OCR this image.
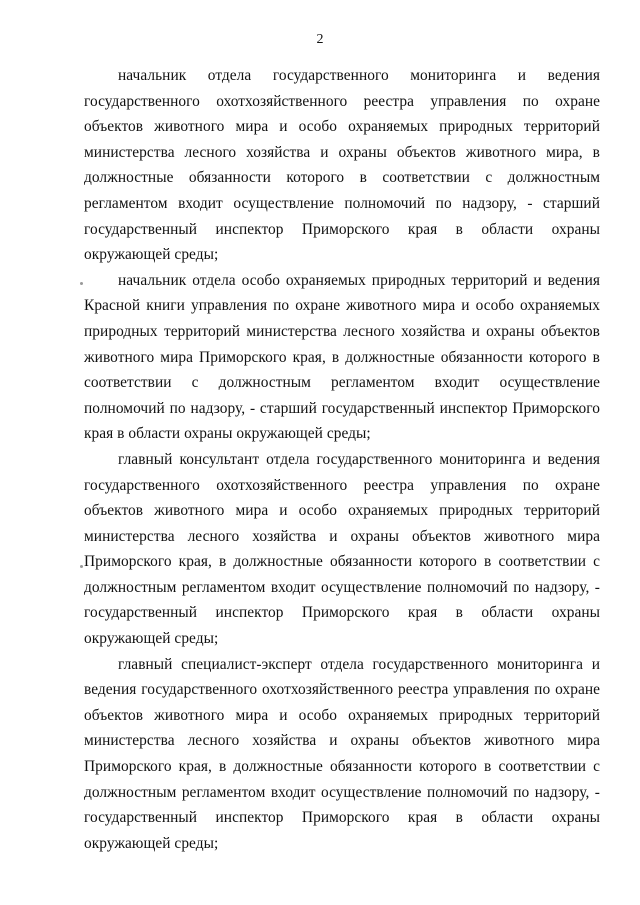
2

начальник отдела государственного мониторинга и ведения государственного охотхозяйственного реестра управления по охране объектов животного мира и особо охраняемых природных территорий министерства лесного хозяйства и охраны объектов животного мира, в должностные обязанности которого в соответствии с должностным регламентом входит осуществление полномочий по надзору, - старший государственный инспектор Приморского края в области охраны окружающей среды;

начальник отдела особо охраняемых природных территорий и ведения Красной книги управления по охране животного мира и особо охраняемых природных территорий министерства лесного хозяйства и охраны объектов животного мира Приморского края, в должностные обязанности которого в соответствии с должностным регламентом входит осуществление полномочий по надзору, - старший государственный инспектор Приморского края в области охраны окружающей среды;

главный консультант отдела государственного мониторинга и ведения государственного охотхозяйственного реестра управления по охране объектов животного мира и особо охраняемых природных территорий министерства лесного хозяйства и охраны объектов животного мира Приморского края, в должностные обязанности которого в соответствии с должностным регламентом входит осуществление полномочий по надзору, - государственный инспектор Приморского края в области охраны окружающей среды;

главный специалист-эксперт отдела государственного мониторинга и ведения государственного охотхозяйственного реестра управления по охране объектов животного мира и особо охраняемых природных территорий министерства лесного хозяйства и охраны объектов животного мира Приморского края, в должностные обязанности которого в соответствии с должностным регламентом входит осуществление полномочий по надзору, - государственный инспектор Приморского края в области охраны окружающей среды;
